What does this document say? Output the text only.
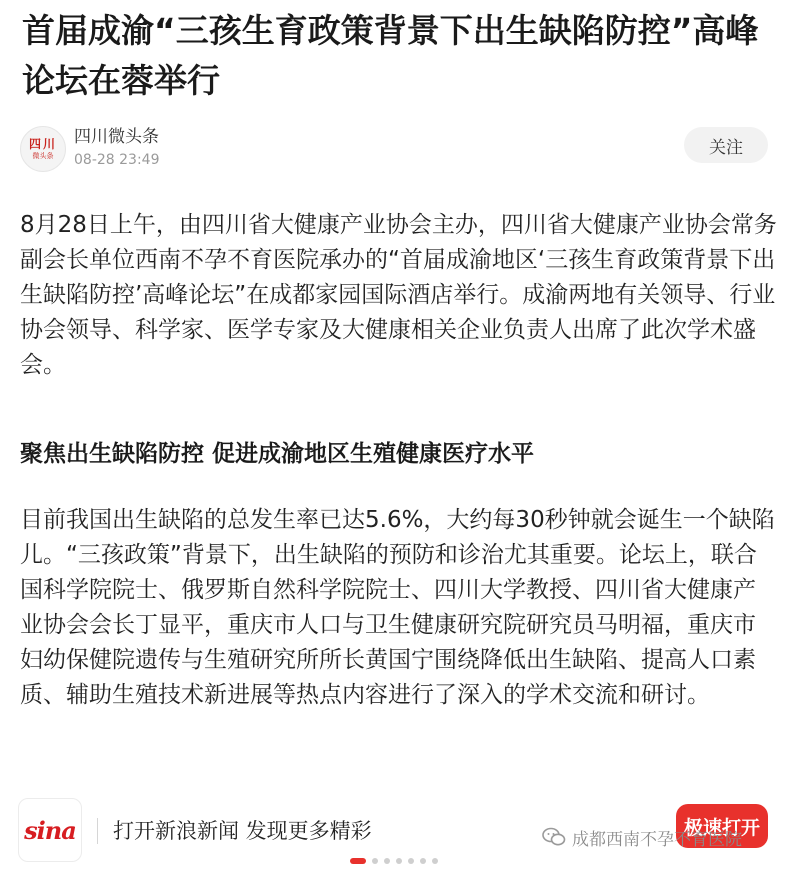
首届成渝“三孩生育政策背景下出生缺陷防控”高峰论坛在蓉举行
四川
微头条
四川微头条
08-28 23:49
关注

8月28日上午，由四川省大健康产业协会主办，四川省大健康产业协会常务副会长单位西南不孕不育医院承办的“首届成渝地区‘三孩生育政策背景下出生缺陷防控’高峰论坛”在成都家园国际酒店举行。成渝两地有关领导、行业协会领导、科学家、医学专家及大健康相关企业负责人出席了此次学术盛会。

聚焦出生缺陷防控 促进成渝地区生殖健康医疗水平

目前我国出生缺陷的总发生率已达5.6%，大约每30秒钟就会诞生一个缺陷儿。“三孩政策”背景下，出生缺陷的预防和诊治尤其重要。论坛上，联合国科学院院士、俄罗斯自然科学院院士、四川大学教授、四川省大健康产业协会会长丁显平，重庆市人口与卫生健康研究院研究员马明福，重庆市妇幼保健院遗传与生殖研究所所长黄国宁围绕降低出生缺陷、提高人口素质、辅助生殖技术新进展等热点内容进行了深入的学术交流和研讨。

sina 打开新浪新闻 发现更多精彩	极速打开
成都西南不孕不育医院
